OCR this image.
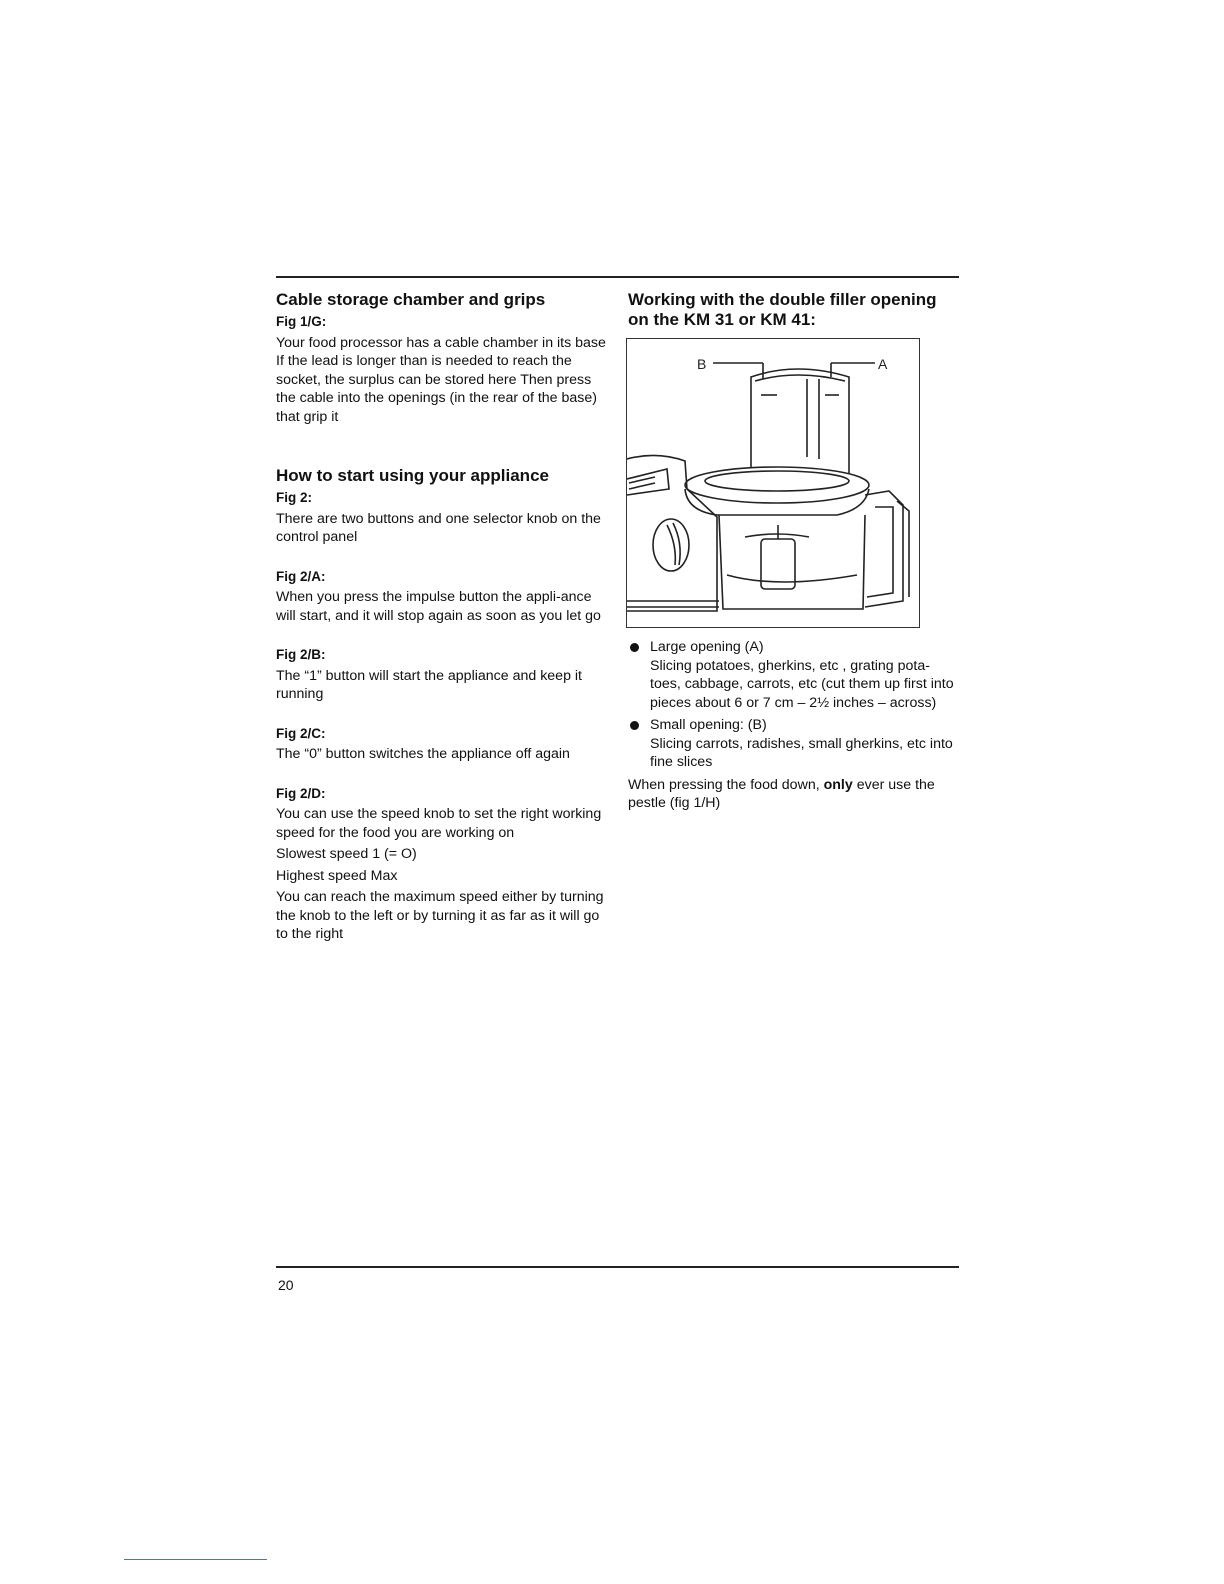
Cable storage chamber and grips
Fig 1/G:

Your food processor has a cable chamber in its base If the lead is longer than is needed to reach the socket, the surplus can be stored here Then press the cable into the openings (in the rear of the base) that grip it

How to start using your appliance
Fig 2:

There are two buttons and one selector knob on the control panel

Fig 2/A:

When you press the impulse button the appli-ance will start, and it will stop again as soon as you let go

Fig 2/B:

The “1” button will start the appliance and keep it running

Fig 2/C:

The “0” button switches the appliance off again

Fig 2/D:

You can use the speed knob to set the right working speed for the food you are working on

Slowest speed 1 (= O)

Highest speed Max

You can reach the maximum speed either by turning the knob to the left or by turning it as far as it will go to the right

Working with the double filler opening on the KM 31 or KM 41:
B	A

Large opening (A)

Slicing potatoes, gherkins, etc , grating pota-toes, cabbage, carrots, etc (cut them up first into pieces about 6 or 7 cm – 2½ inches – across)

Small opening: (B)

Slicing carrots, radishes, small gherkins, etc into fine slices

When pressing the food down, only ever use the pestle (fig 1/H)

20
